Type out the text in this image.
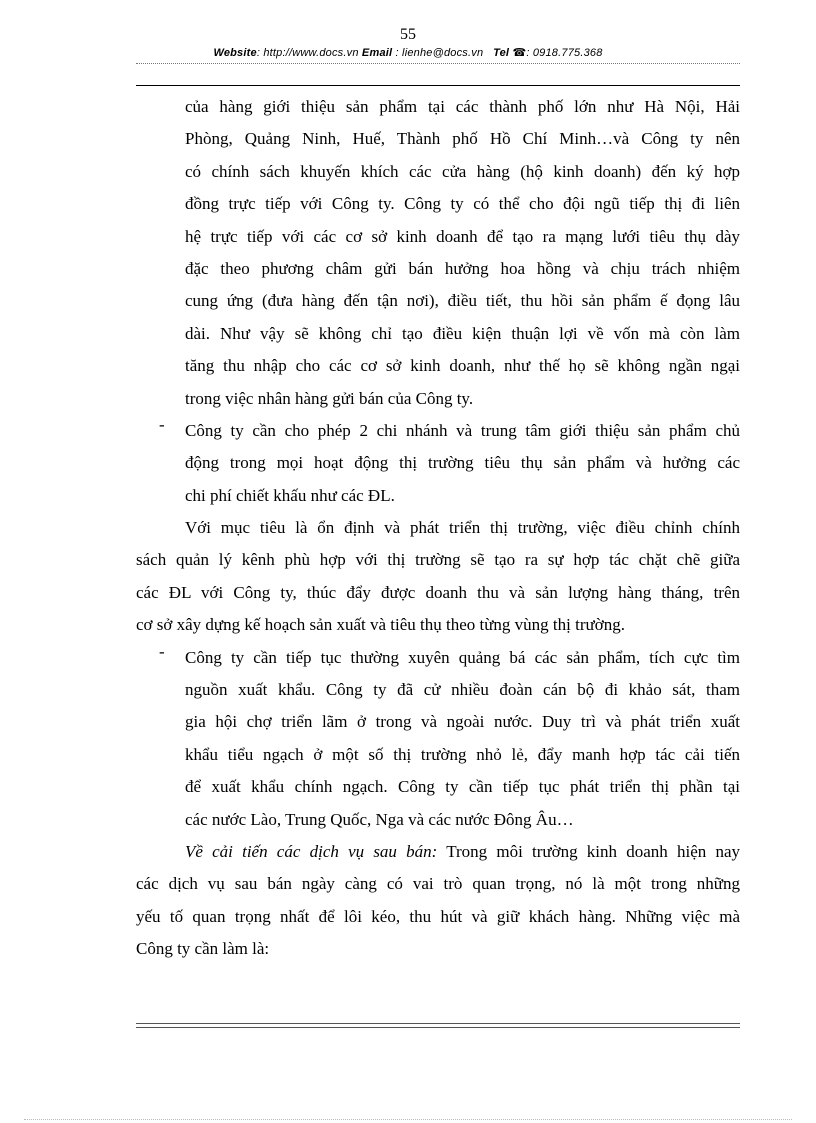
55
Website: http://www.docs.vn Email : lienhe@docs.vn Tel ☎: 0918.775.368
của hàng giới thiệu sản phẩm tại các thành phố lớn như Hà Nội, Hải
Phòng, Quảng Ninh, Huế, Thành phố Hồ Chí Minh…và Công ty nên
có chính sách khuyến khích các cửa hàng (hộ kinh doanh) đến ký hợp
đồng trực tiếp với Công ty. Công ty có thể cho đội ngũ tiếp thị đi liên
hệ trực tiếp với các cơ sở kinh doanh để tạo ra mạng lưới tiêu thụ dày
đặc theo phương châm gửi bán hưởng hoa hồng và chịu trách nhiệm
cung ứng (đưa hàng đến tận nơi), điều tiết, thu hồi sản phẩm ế đọng lâu
dài. Như vậy sẽ không chỉ tạo điều kiện thuận lợi về vốn mà còn làm
tăng thu nhập cho các cơ sở kinh doanh, như thế họ sẽ không ngần ngại
trong việc nhân hàng gửi bán của Công ty.
-	Công ty cần cho phép 2 chi nhánh và trung tâm giới thiệu sản phẩm chủ
động trong mọi hoạt động thị trường tiêu thụ sản phẩm và hưởng các
chi phí chiết khấu như các ĐL.
Với mục tiêu là ổn định và phát triển thị trường, việc điều chỉnh chính
sách quản lý kênh phù hợp với thị trường sẽ tạo ra sự hợp tác chặt chẽ giữa
các ĐL với Công ty, thúc đẩy được doanh thu và sản lượng hàng tháng, trên
cơ sở xây dựng kế hoạch sản xuất và tiêu thụ theo từng vùng thị trường.
-	Công ty cần tiếp tục thường xuyên quảng bá các sản phẩm, tích cực tìm
nguồn xuất khẩu. Công ty đã cử nhiều đoàn cán bộ đi khảo sát, tham
gia hội chợ triển lãm ở trong và ngoài nước. Duy trì và phát triển xuất
khẩu tiểu ngạch ở một số thị trường nhỏ lẻ, đẩy manh hợp tác cải tiến
để xuất khẩu chính ngạch. Công ty cần tiếp tục phát triển thị phần tại
các nước Lào, Trung Quốc, Nga và các nước Đông Âu…
Về cải tiến các dịch vụ sau bán: Trong môi trường kinh doanh hiện nay
các dịch vụ sau bán ngày càng có vai trò quan trọng, nó là một trong những
yếu tố quan trọng nhất để lôi kéo, thu hút và giữ khách hàng. Những việc mà
Công ty cần làm là:
